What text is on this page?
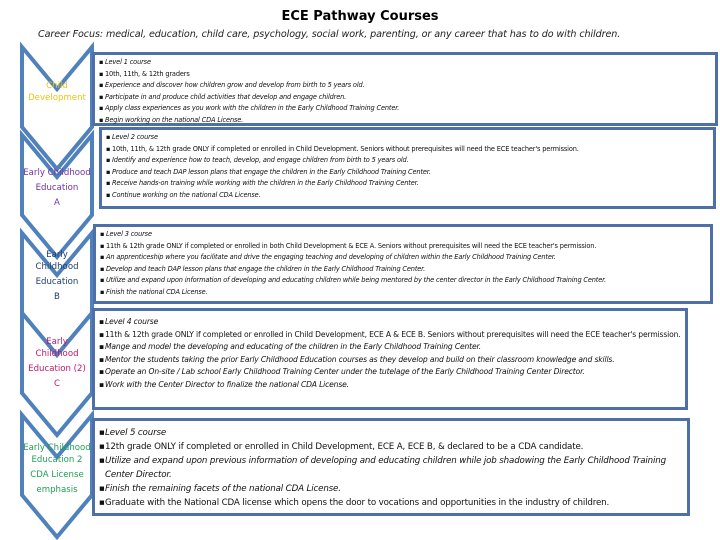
ECE Pathway Courses
Career Focus: medical, education, child care, psychology, social work, parenting, or any career that has to do with children.
Child
Development
Early Childhood
Education
A
Early
Childhood
Education
B
Early
Childhood
Education (2)
C
Early Childhood
Education 2
CDA License
emphasis
▪ Level 1 course
▪ 10th, 11th, & 12th graders
▪ Experience and discover how children grow and develop from birth to 5 years old.
▪ Participate in and produce child activities that develop and engage children.
▪ Apply class experiences as you work with the children in the Early Childhood Training Center.
▪ Begin working on the national CDA License.
▪ Level 2 course
▪ 10th, 11th, & 12th grade ONLY if completed or enrolled in Child Development. Seniors without prerequisites will need the ECE teacher's permission.
▪ Identify and experience how to teach, develop, and engage children from birth to 5 years old.
▪ Produce and teach DAP lesson plans that engage the children in the Early Childhood Training Center.
▪ Receive hands-on training while working with the children in the Early Childhood Training Center.
▪ Continue working on the national CDA License.
▪ Level 3 course
▪ 11th & 12th grade ONLY if completed or enrolled in both Child Development & ECE A. Seniors without prerequisites will need the ECE teacher's permission.
▪ An apprenticeship where you facilitate and drive the engaging teaching and developing of children within the Early Childhood Training Center.
▪ Develop and teach DAP lesson plans that engage the children in the Early Childhood Training Center.
▪ Utilize and expand upon information of developing and educating children while being mentored by the center director in the Early Childhood Training Center.
▪ Finish the national CDA License.
▪ Level 4 course
▪ 11th & 12th grade ONLY if completed or enrolled in Child Development, ECE A & ECE B. Seniors without prerequisites will need the ECE teacher's permission.
▪ Mange and model the developing and educating of the children in the Early Childhood Training Center.
▪ Mentor the students taking the prior Early Childhood Education courses as they develop and build on their classroom knowledge and skills.
▪ Operate an On-site / Lab school Early Childhood Training Center under the tutelage of the Early Childhood Training Center Director.
▪ Work with the Center Director to finalize the national CDA License.
▪ Level 5 course
▪ 12th grade ONLY if completed or enrolled in Child Development, ECE A, ECE B, & declared to be a CDA candidate.
▪ Utilize and expand upon previous information of developing and educating children while job shadowing the Early Childhood Training Center Director.
▪ Finish the remaining facets of the national CDA License.
▪ Graduate with the National CDA license which opens the door to vocations and opportunities in the industry of children.
